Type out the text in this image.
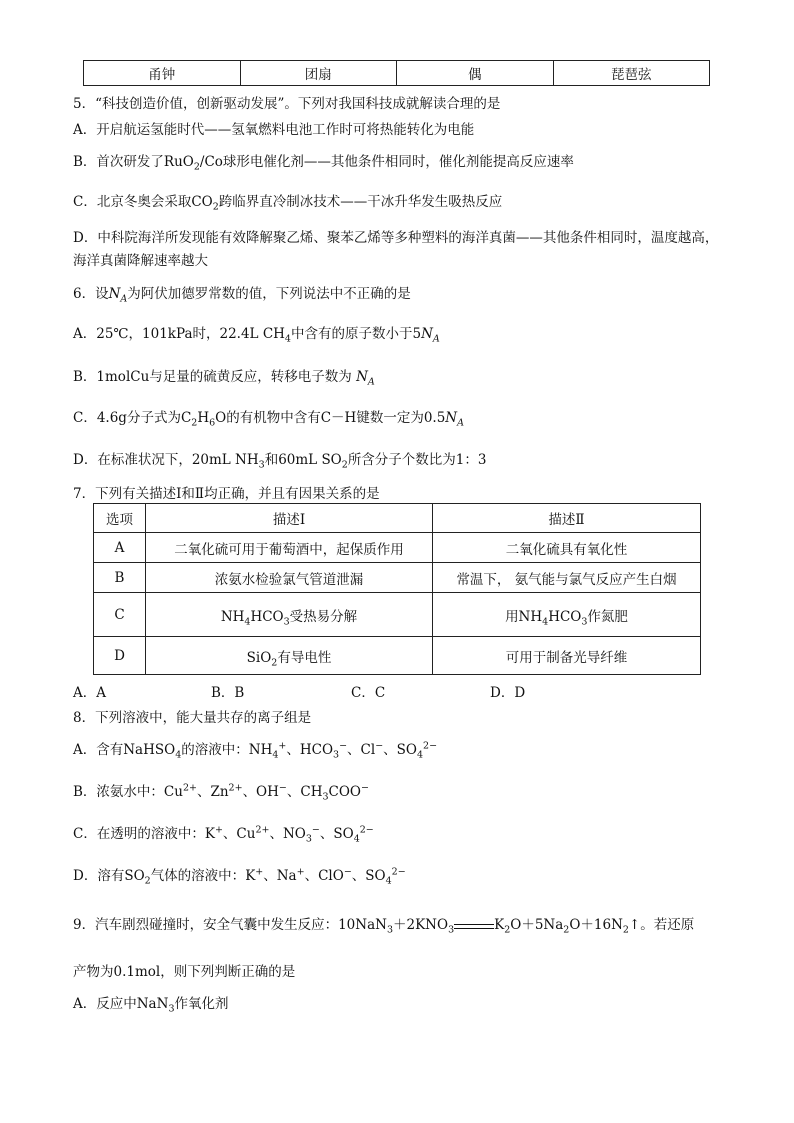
甬钟	团扇	偶	琵琶弦
5．“科技创造价值，创新驱动发展”。下列对我国科技成就解读合理的是
A．开启航运氢能时代——氢氧燃料电池工作时可将热能转化为电能
B．首次研发了RuO$_2$/Co球形电催化剂——其他条件相同时，催化剂能提高反应速率
C．北京冬奥会采取$CO_2$跨临界直冷制冰技术——干冰升华发生吸热反应
D．中科院海洋所发现能有效降解聚乙烯、聚苯乙烯等多种塑料的海洋真菌——其他条件相同时，温度越高，
海洋真菌降解速率越大
6．设$N_A$为阿伏加德罗常数的值，下列说法中不正确的是
A．25℃，101kPa时，22.4L $CH_4$中含有的原子数小于$5N_A$
B．1molCu与足量的硫黄反应，转移电子数为 $N_A$
C．4.6g分子式为$C_2H_6O$的有机物中含有C－H键数一定为$0.5N_A$
D．在标准状况下，20mL $NH_3$和60mL $SO_2$所含分子个数比为1：3
7．下列有关描述Ⅰ和Ⅱ均正确，并且有因果关系的是
选项	描述Ⅰ	描述Ⅱ
A	二氧化硫可用于葡萄酒中，起保质作用	二氧化硫具有氧化性
B	浓氨水检验氯气管道泄漏	常温下， 氨气能与氯气反应产生白烟
C	$NH_4HCO_3$受热易分解	用$NH_4HCO_3$作氮肥
D	SiO$_2$有导电性	可用于制备光导纤维
A．A	B．B	C．C	D．D
8．下列溶液中，能大量共存的离子组是
A．含有NaHSO$_4$的溶液中：$NH_4^+$、$HCO_3^-$、Cl−、$SO_4^{2-}$
B．浓氨水中：$Cu^{2+}$、$Zn^{2+}$、OH−、$CH_3COO^-$
C．在透明的溶液中：K+、$Cu^{2+}$、$NO_3^-$、$SO_4^{2-}$
D．溶有$SO_2$气体的溶液中：K+、Na+、ClO−、$SO_4^{2-}$
9．汽车剧烈碰撞时，安全气囊中发生反应：$10NaN_3+2KNO_3$	$K_2O+5Na_2O+16N_2↑$。若还原
产物为0.1mol，则下列判断正确的是
A．反应中NaN$_3$作氧化剂
